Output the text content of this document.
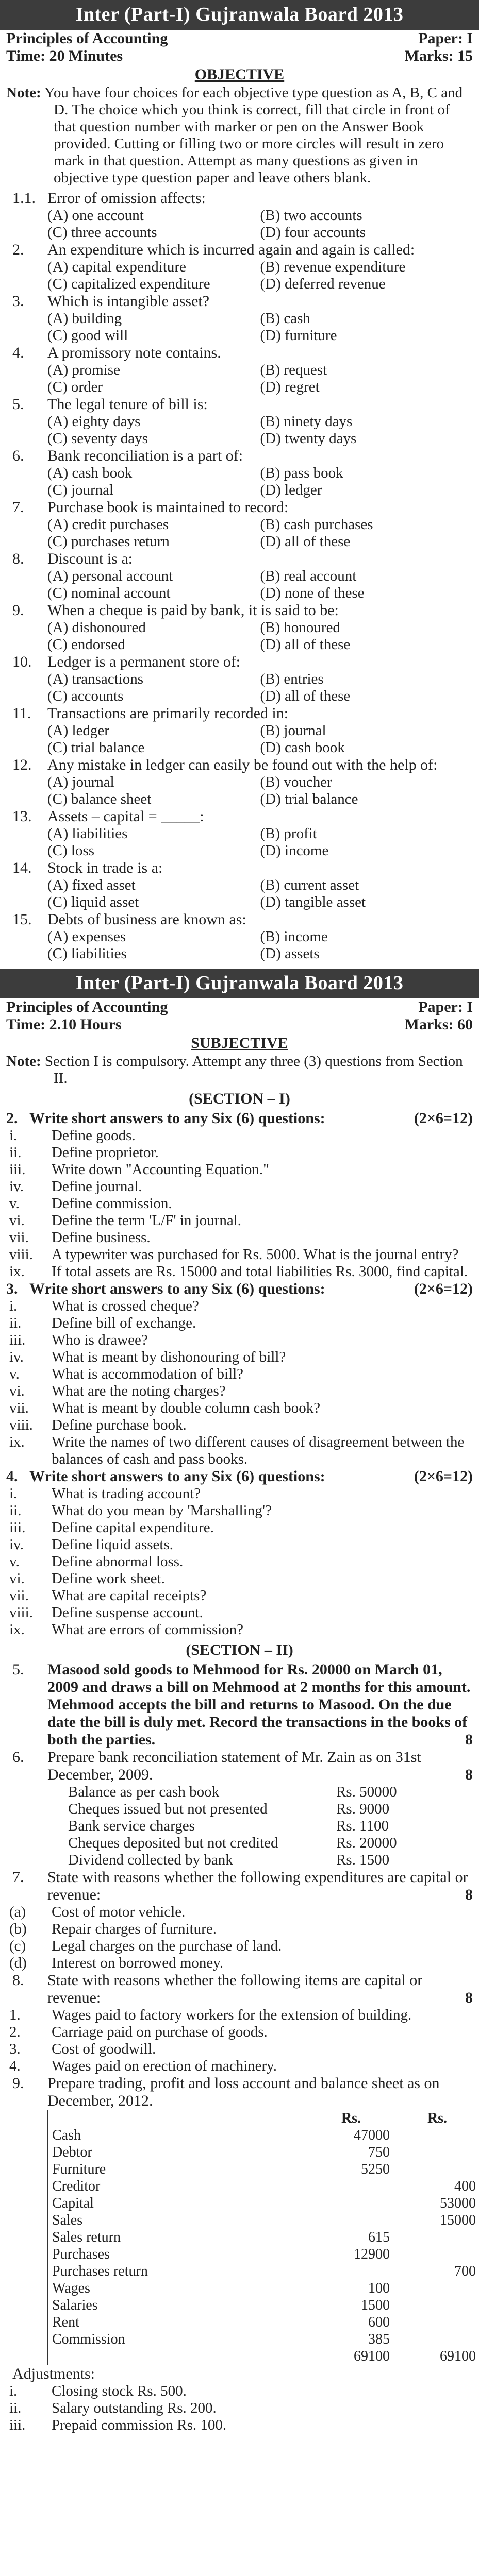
Inter (Part-I) Gujranwala Board 2013
Principles of Accounting	Paper: I
Time: 20 Minutes	Marks: 15
OBJECTIVE
Note: You have four choices for each objective type question as A, B, C and D. The choice which you think is correct, fill that circle in front of that question number with marker or pen on the Answer Book provided. Cutting or filling two or more circles will result in zero mark in that question. Attempt as many questions as given in objective type question paper and leave others blank.
1.1. Error of omission affects:
(A) one account	(B) two accounts
(C) three accounts	(D) four accounts
2.	An expenditure which is incurred again and again is called:
(A) capital expenditure	(B) revenue expenditure
(C) capitalized expenditure	(D) deferred revenue
3.	Which is intangible asset?
(A) building	(B) cash
(C) good will	(D) furniture
4.	A promissory note contains.
(A) promise	(B) request
(C) order	(D) regret
5.	The legal tenure of bill is:
(A) eighty days	(B) ninety days
(C) seventy days	(D) twenty days
6.	Bank reconciliation is a part of:
(A) cash book	(B) pass book
(C) journal	(D) ledger
7.	Purchase book is maintained to record:
(A) credit purchases	(B) cash purchases
(C) purchases return	(D) all of these
8.	Discount is a:
(A) personal account	(B) real account
(C) nominal account	(D) none of these
9.	When a cheque is paid by bank, it is said to be:
(A) dishonoured	(B) honoured
(C) endorsed	(D) all of these
10.	Ledger is a permanent store of:
(A) transactions	(B) entries
(C) accounts	(D) all of these
11.	Transactions are primarily recorded in:
(A) ledger	(B) journal
(C) trial balance	(D) cash book
12.	Any mistake in ledger can easily be found out with the help of:
(A) journal	(B) voucher
(C) balance sheet	(D) trial balance
13.	Assets – capital = _____:
(A) liabilities	(B) profit
(C) loss	(D) income
14.	Stock in trade is a:
(A) fixed asset	(B) current asset
(C) liquid asset	(D) tangible asset
15.	Debts of business are known as:
(A) expenses	(B) income
(C) liabilities	(D) assets
Inter (Part-I) Gujranwala Board 2013
Principles of Accounting	Paper: I
Time: 2.10 Hours	Marks: 60
SUBJECTIVE
Note: Section I is compulsory. Attempt any three (3) questions from Section II.
(SECTION – I)
2. Write short answers to any Six (6) questions:	(2×6=12)
i.	Define goods.
ii.	Define proprietor.
iii.	Write down "Accounting Equation."
iv.	Define journal.
v.	Define commission.
vi.	Define the term 'L/F' in journal.
vii.	Define business.
viii.	A typewriter was purchased for Rs. 5000. What is the journal entry?
ix.	If total assets are Rs. 15000 and total liabilities Rs. 3000, find capital.
3. Write short answers to any Six (6) questions:	(2×6=12)
i.	What is crossed cheque?
ii.	Define bill of exchange.
iii.	Who is drawee?
iv.	What is meant by dishonouring of bill?
v.	What is accommodation of bill?
vi.	What are the noting charges?
vii.	What is meant by double column cash book?
viii.	Define purchase book.
ix.	Write the names of two different causes of disagreement between the balances of cash and pass books.
4. Write short answers to any Six (6) questions:	(2×6=12)
i.	What is trading account?
ii.	What do you mean by 'Marshalling'?
iii.	Define capital expenditure.
iv.	Define liquid assets.
v.	Define abnormal loss.
vi.	Define work sheet.
vii.	What are capital receipts?
viii.	Define suspense account.
ix.	What are errors of commission?
(SECTION – II)
5.	Masood sold goods to Mehmood for Rs. 20000 on March 01, 2009 and draws a bill on Mehmood at 2 months for this amount. Mehmood accepts the bill and returns to Masood. On the due date the bill is duly met. Record the transactions in the books of both the parties.	8
6.	Prepare bank reconciliation statement of Mr. Zain as on 31st December, 2009.	8
Balance as per cash book	Rs. 50000
Cheques issued but not presented	Rs. 9000
Bank service charges	Rs. 1100
Cheques deposited but not credited	Rs. 20000
Dividend collected by bank	Rs. 1500
7.	State with reasons whether the following expenditures are capital or revenue:	8
(a)	Cost of motor vehicle.
(b)	Repair charges of furniture.
(c)	Legal charges on the purchase of land.
(d)	Interest on borrowed money.
8.	State with reasons whether the following items are capital or revenue:	8
1.	Wages paid to factory workers for the extension of building.
2.	Carriage paid on purchase of goods.
3.	Cost of goodwill.
4.	Wages paid on erection of machinery.
9.	Prepare trading, profit and loss account and balance sheet as on December, 2012.
	Rs.	Rs.
Cash	47000	
Debtor	750	
Furniture	5250	
Creditor		400
Capital		53000
Sales		15000
Sales return	615	
Purchases	12900	
Purchases return		700
Wages	100	
Salaries	1500	
Rent	600	
Commission	385	
	69100	69100
Adjustments:
i.	Closing stock Rs. 500.
ii.	Salary outstanding Rs. 200.
iii.	Prepaid commission Rs. 100.
